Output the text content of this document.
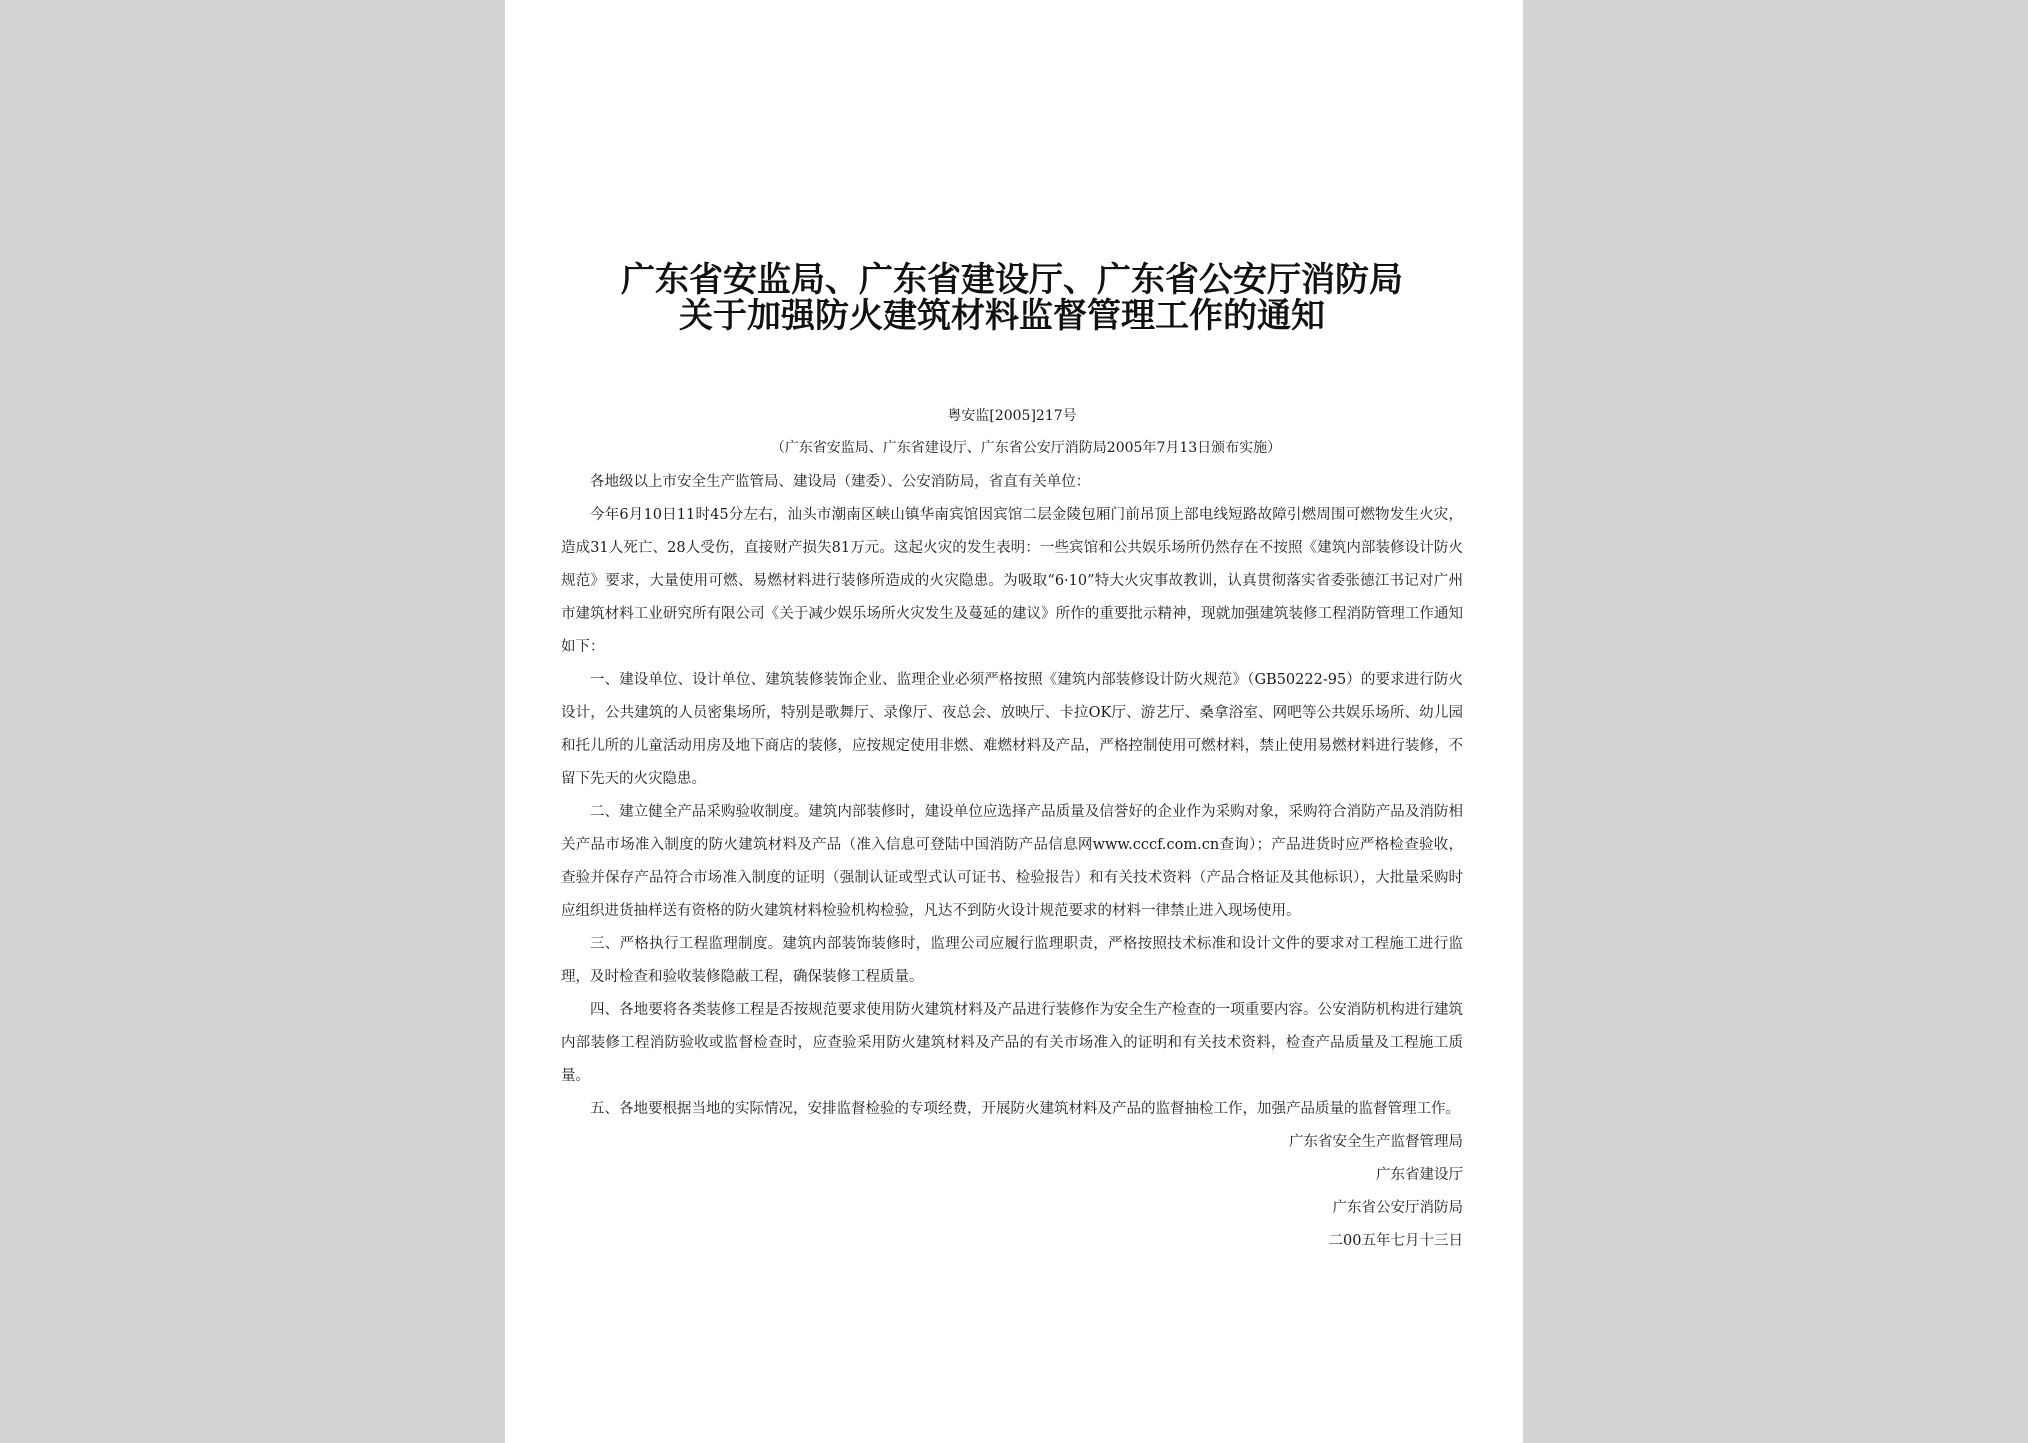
广东省安监局、广东省建设厅、广东省公安厅消防局
关于加强防火建筑材料监督管理工作的通知
粤安监[2005]217号
（广东省安监局、广东省建设厅、广东省公安厅消防局2005年7月13日颁布实施）

各地级以上市安全生产监管局、建设局（建委）、公安消防局，省直有关单位：

今年6月10日11时45分左右，汕头市潮南区峡山镇华南宾馆因宾馆二层金陵包厢门前吊顶上部电线短路故障引燃周围可燃物发生火灾，造成31人死亡、28人受伤，直接财产损失81万元。这起火灾的发生表明：一些宾馆和公共娱乐场所仍然存在不按照《建筑内部装修设计防火规范》要求，大量使用可燃、易燃材料进行装修所造成的火灾隐患。为吸取“6·10”特大火灾事故教训，认真贯彻落实省委张德江书记对广州市建筑材料工业研究所有限公司《关于减少娱乐场所火灾发生及蔓延的建议》所作的重要批示精神，现就加强建筑装修工程消防管理工作通知如下：

一、建设单位、设计单位、建筑装修装饰企业、监理企业必须严格按照《建筑内部装修设计防火规范》（GB50222-95）的要求进行防火设计，公共建筑的人员密集场所，特别是歌舞厅、录像厅、夜总会、放映厅、卡拉OK厅、游艺厅、桑拿浴室、网吧等公共娱乐场所、幼儿园和托儿所的儿童活动用房及地下商店的装修，应按规定使用非燃、难燃材料及产品，严格控制使用可燃材料，禁止使用易燃材料进行装修，不留下先天的火灾隐患。

二、建立健全产品采购验收制度。建筑内部装修时，建设单位应选择产品质量及信誉好的企业作为采购对象，采购符合消防产品及消防相关产品市场准入制度的防火建筑材料及产品（准入信息可登陆中国消防产品信息网www.cccf.com.cn查询）；产品进货时应严格检查验收，查验并保存产品符合市场准入制度的证明（强制认证或型式认可证书、检验报告）和有关技术资料（产品合格证及其他标识），大批量采购时应组织进货抽样送有资格的防火建筑材料检验机构检验，凡达不到防火设计规范要求的材料一律禁止进入现场使用。

三、严格执行工程监理制度。建筑内部装饰装修时，监理公司应履行监理职责，严格按照技术标准和设计文件的要求对工程施工进行监理，及时检查和验收装修隐蔽工程，确保装修工程质量。

四、各地要将各类装修工程是否按规范要求使用防火建筑材料及产品进行装修作为安全生产检查的一项重要内容。公安消防机构进行建筑内部装修工程消防验收或监督检查时，应查验采用防火建筑材料及产品的有关市场准入的证明和有关技术资料，检查产品质量及工程施工质量。

五、各地要根据当地的实际情况，安排监督检验的专项经费，开展防火建筑材料及产品的监督抽检工作，加强产品质量的监督管理工作。

广东省安全生产监督管理局
广东省建设厅
广东省公安厅消防局
二00五年七月十三日
